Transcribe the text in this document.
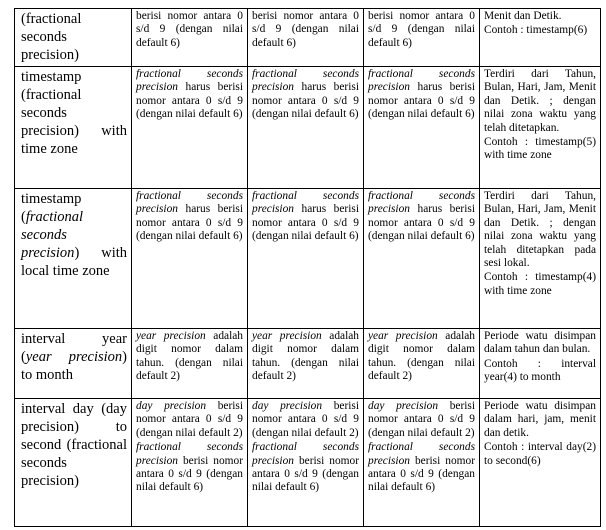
(fractional seconds precision)	berisi nomor antara 0 s/d 9 (dengan nilai default 6)	berisi nomor antara 0 s/d 9 (dengan nilai default 6)	berisi nomor antara 0 s/d 9 (dengan nilai default 6)	Menit dan Detik.
Contoh : timestamp(6)

timestamp (fractional seconds precision) with time zone	fractional seconds precision harus berisi nomor antara 0 s/d 9 (dengan nilai default 6)	fractional seconds precision harus berisi nomor antara 0 s/d 9 (dengan nilai default 6)	fractional seconds precision harus berisi nomor antara 0 s/d 9 (dengan nilai default 6)	Terdiri dari Tahun, Bulan, Hari, Jam, Menit dan Detik. ; dengan nilai zona waktu yang telah ditetapkan.
Contoh : timestamp(5) with time zone

timestamp (fractional seconds precision) with local time zone	fractional seconds precision harus berisi nomor antara 0 s/d 9 (dengan nilai default 6)	fractional seconds precision harus berisi nomor antara 0 s/d 9 (dengan nilai default 6)	fractional seconds precision harus berisi nomor antara 0 s/d 9 (dengan nilai default 6)	Terdiri dari Tahun, Bulan, Hari, Jam, Menit dan Detik. ; dengan nilai zona waktu yang telah ditetapkan pada sesi lokal.
Contoh : timestamp(4) with time zone

interval year (year precision) to month	year precision adalah digit nomor dalam tahun. (dengan nilai default 2)	year precision adalah digit nomor dalam tahun. (dengan nilai default 2)	year precision adalah digit nomor dalam tahun. (dengan nilai default 2)	Periode watu disimpan dalam tahun dan bulan.
Contoh : interval year(4) to month

interval day (day precision) to second (fractional seconds precision)	day precision berisi nomor antara 0 s/d 9 (dengan nilai default 2)
fractional seconds precision berisi nomor antara 0 s/d 9 (dengan nilai default 6)	day precision berisi nomor antara 0 s/d 9 (dengan nilai default 2)
fractional seconds precision berisi nomor antara 0 s/d 9 (dengan nilai default 6)	day precision berisi nomor antara 0 s/d 9 (dengan nilai default 2)
fractional seconds precision berisi nomor antara 0 s/d 9 (dengan nilai default 6)	Periode watu disimpan dalam hari, jam, menit dan detik.
Contoh : interval day(2) to second(6)
